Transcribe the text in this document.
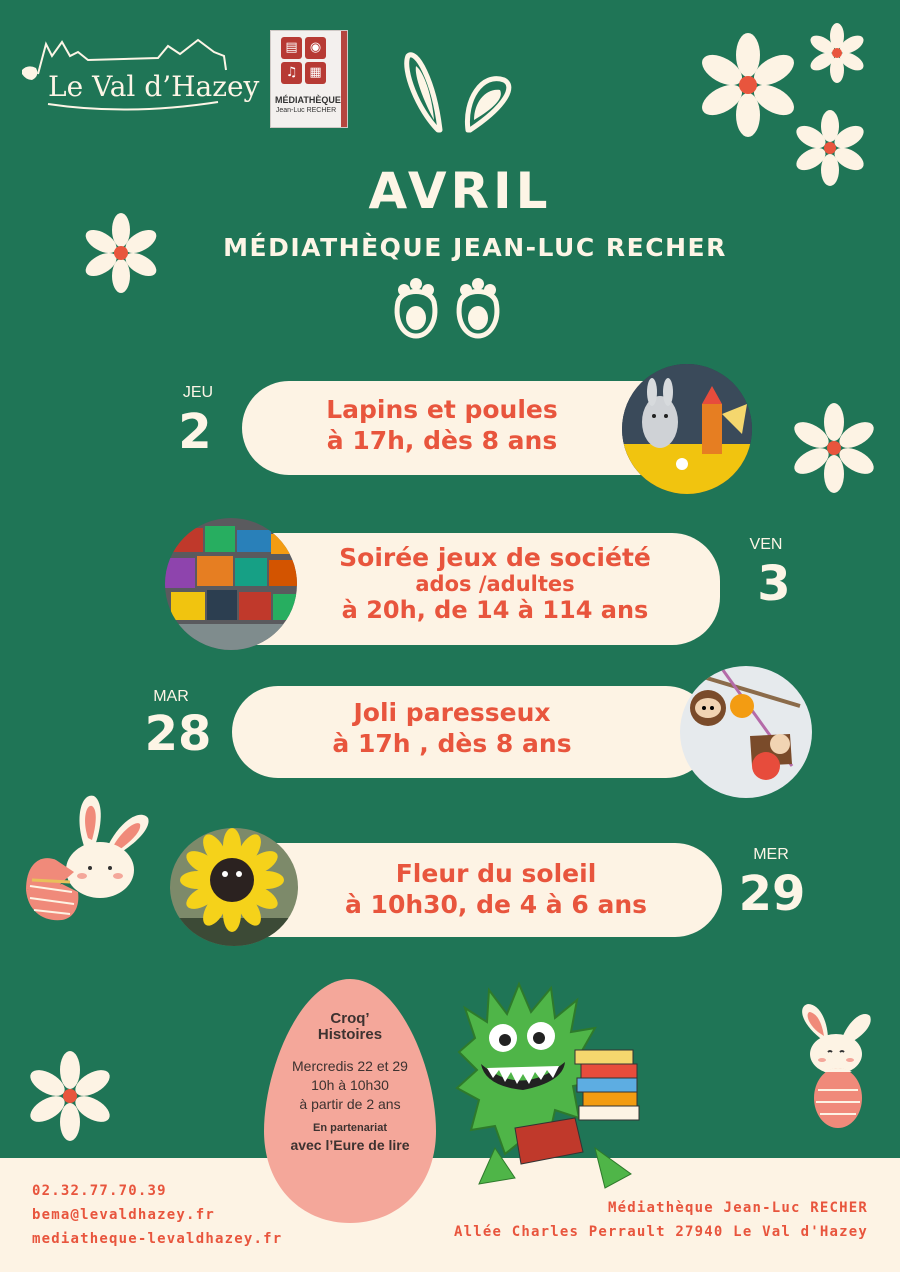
Le Val d’Hazey
▤ ◉
♫ ▦
MÉDIATHÈQUE
Jean-Luc RECHER
AVRIL
MÉDIATHÈQUE JEAN-LUC RECHER
JEU
2	Lapins et poules
à 17h, dès 8 ans
Soirée jeux de société
ados /adultes
à 20h, de 14 à 114 ans
VEN
3
MAR
28	Joli paresseux
à 17h , dès 8 ans
Fleur du soleil
à 10h30, de 4 à 6 ans
MER
29
02.32.77.70.39
bema@levaldhazey.fr
mediatheque-levaldhazey.fr
Médiathèque Jean-Luc RECHER
Allée Charles Perrault 27940 Le Val d'Hazey
Croq’
Histoires
Mercredis 22 et 29
10h à 10h30
à partir de 2 ans
En partenariat
avec l’Eure de lire
